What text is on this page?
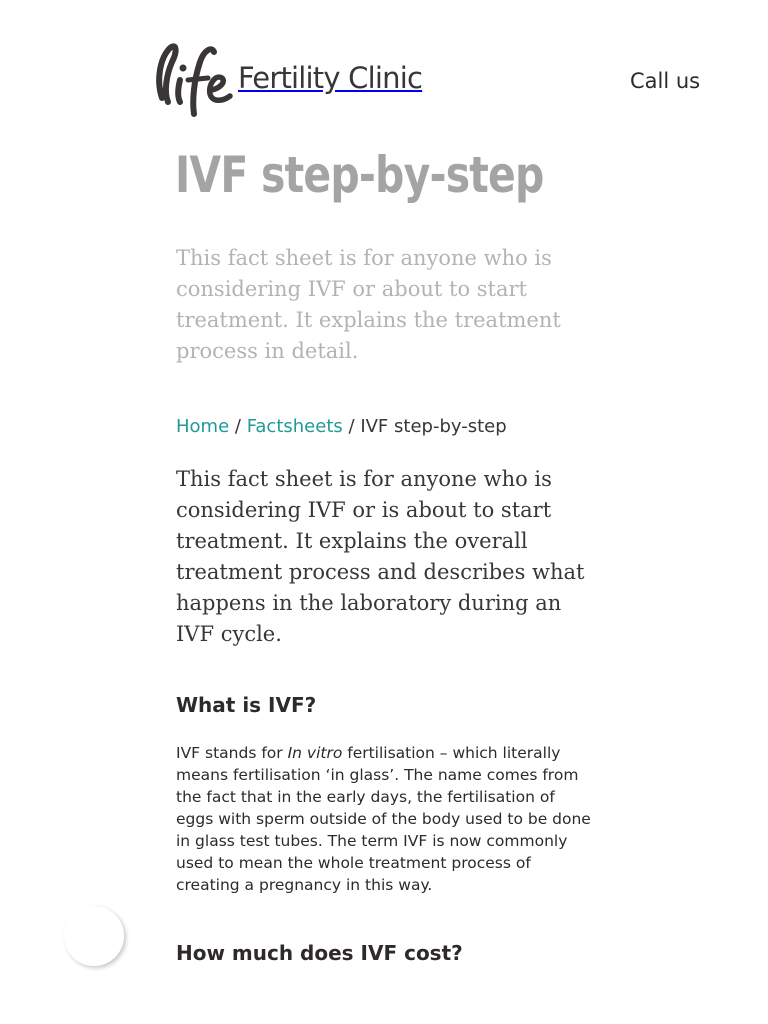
Fertility Clinic	Call us
IVF step-by-step

This fact sheet is for anyone who is considering IVF or about to start treatment. It explains the treatment process in detail.

Home / Factsheets / IVF step-by-step

This fact sheet is for anyone who is considering IVF or is about to start treatment. It explains the overall treatment process and describes what happens in the laboratory during an IVF cycle.

What is IVF?

IVF stands for In vitro fertilisation – which literally means fertilisation ‘in glass’. The name comes from the fact that in the early days, the fertilisation of eggs with sperm outside of the body used to be done in glass test tubes. The term IVF is now commonly used to mean the whole treatment process of creating a pregnancy in this way.

How much does IVF cost?
